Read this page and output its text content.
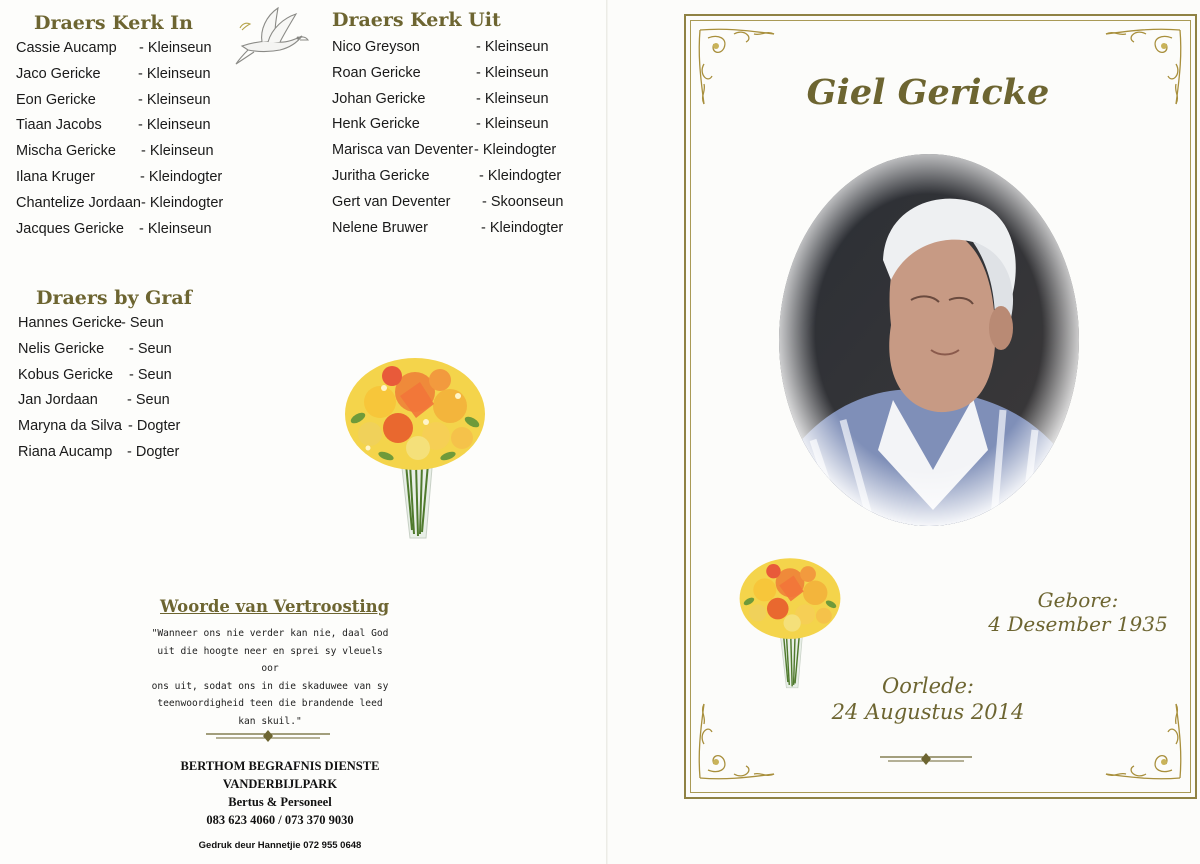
Draers Kerk In
Cassie Aucamp - Kleinseun
Jaco Gericke	- Kleinseun
Eon Gericke	- Kleinseun
Tiaan Jacobs	- Kleinseun
Mischa Gericke - Kleinseun
Ilana Kruger	- Kleindogter
Chantelize Jordaan - Kleindogter
Jacques Gericke - Kleinseun
Draers Kerk Uit
Nico Greyson	- Kleinseun
Roan Gericke	- Kleinseun
Johan Gericke	- Kleinseun
Henk Gericke	- Kleinseun
Marisca van Deventer - Kleindogter
Juritha Gericke	- Kleindogter
Gert van Deventer - Skoonseun
Nelene Bruwer	- Kleindogter
Draers by Graf
Hannes Gericke - Seun
Nelis Gericke - Seun
Kobus Gericke - Seun
Jan Jordaan - Seun
Maryna da Silva - Dogter
Riana Aucamp - Dogter
Woorde van Vertroosting
"Wanneer ons nie verder kan nie, daal God
uit die hoogte neer en sprei sy vleuels oor
ons uit, sodat ons in die skaduwee van sy
teenwoordigheid teen die brandende leed
kan skuil."

BERTHOM BEGRAFNIS DIENSTE

VANDERBIJLPARK

Bertus & Personeel

083 623 4060 / 073 370 9030

Gedruk deur Hannetjie 072 955 0648
Giel Gericke
Gebore:
4 Desember 1935
Oorlede:
24 Augustus 2014
